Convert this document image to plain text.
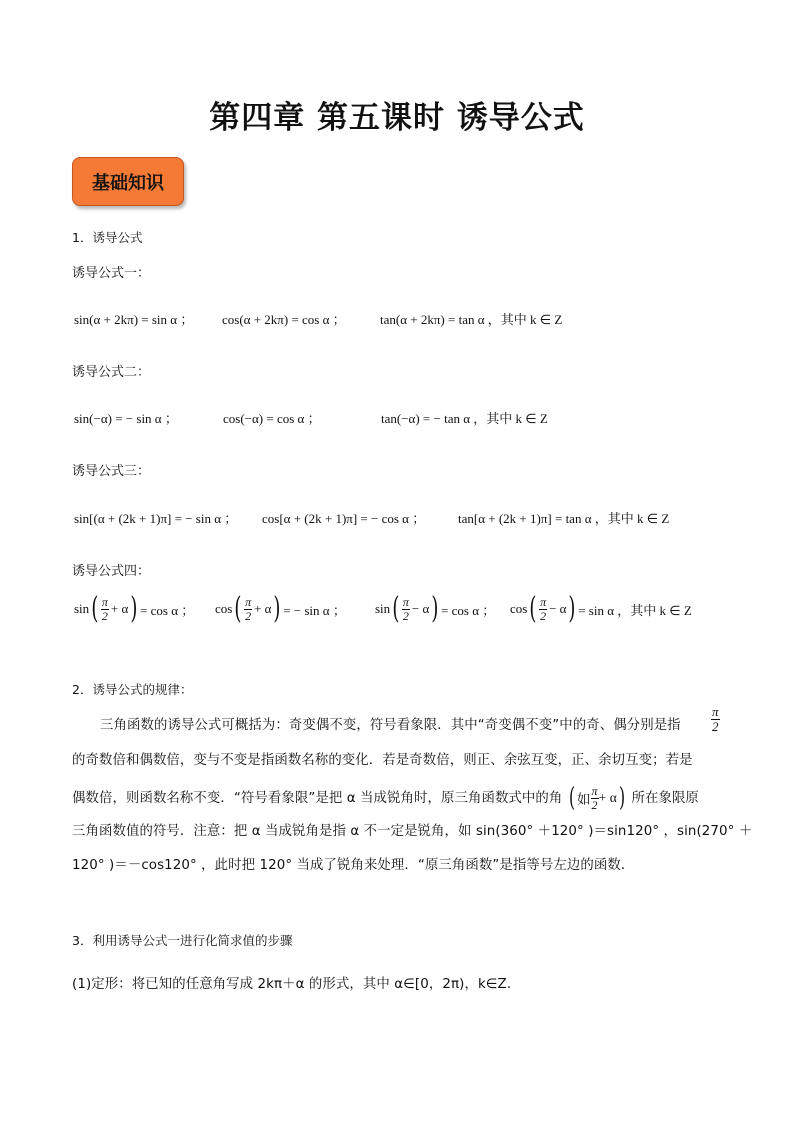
第四章 第五课时 诱导公式
基础知识
1．诱导公式
诱导公式一：
sin(α + 2kπ) = sin α ； cos(α + 2kπ) = cos α ；	tan(α + 2kπ) = tan α ，其中 k ∈ Z
诱导公式二：
sin(−α) = − sin α ；	cos(−α) = cos α ；	tan(−α) = − tan α ，其中 k ∈ Z
诱导公式三：
sin[(α + (2k + 1)π] = − sin α ； cos[α + (2k + 1)π] = − cos α ；	tan[α + (2k + 1)π] = tan α ，其中 k ∈ Z
诱导公式四：
sin ( $\frac{\pi}{2} + \alpha$ ) = cos α ； cos ( $\frac{\pi}{2} + \alpha$ ) = − sin α ； sin ( $\frac{\pi}{2} - \alpha$ ) = cos α ； cos ( $\frac{\pi}{2} - \alpha$ ) = sin α ，其中 k ∈ Z
2．诱导公式的规律：
三角函数的诱导公式可概括为：奇变偶不变，符号看象限．其中“奇变偶不变”中的奇、偶分别是指 $\frac{\pi}{2}$
的奇数倍和偶数倍，变与不变是指函数名称的变化．若是奇数倍，则正、余弦互变，正、余切互变；若是
偶数倍，则函数名称不变．“符号看象限”是把 α 当成锐角时，原三角函数式中的角 ( 如 $\frac{\pi}{2} + \alpha$ ) 所在象限原
三角函数值的符号．注意：把 α 当成锐角是指 α 不一定是锐角，如 sin(360° ＋120° )＝sin120° ，sin(270° ＋
120° )＝－cos120° ，此时把 120° 当成了锐角来处理．“原三角函数”是指等号左边的函数．
3．利用诱导公式一进行化简求值的步骤
(1)定形：将已知的任意角写成 2kπ＋α 的形式，其中 α∈[0，2π)，k∈Z.
